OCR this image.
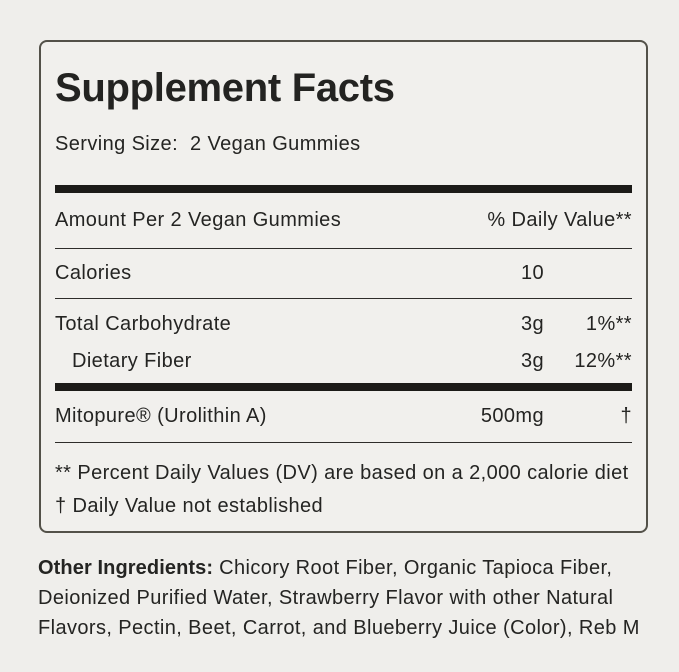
Supplement Facts
Serving Size: 2 Vegan Gummies
Amount Per 2 Vegan Gummies	% Daily Value**
Calories	10
Total Carbohydrate	3g	1%**
Dietary Fiber	3g	12%**
Mitopure® (Urolithin A)	500mg	†

** Percent Daily Values (DV) are based on a 2,000 calorie diet

† Daily Value not established

Other Ingredients: Chicory Root Fiber, Organic Tapioca Fiber,
Deionized Purified Water, Strawberry Flavor with other Natural
Flavors, Pectin, Beet, Carrot, and Blueberry Juice (Color), Reb M
